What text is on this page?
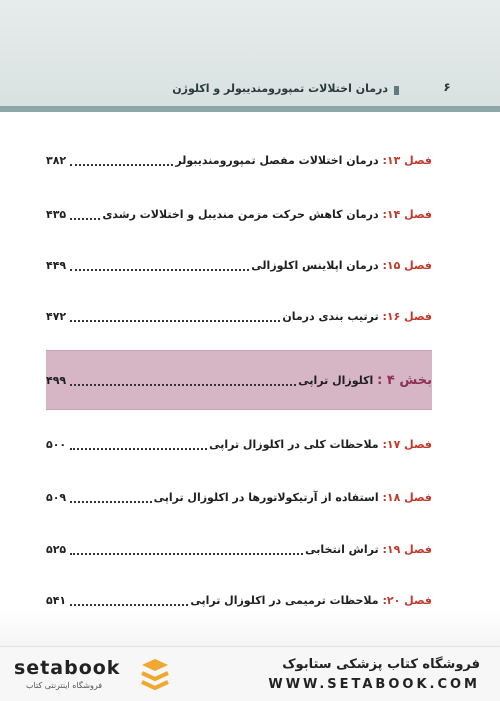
۶
درمان اختلالات تمپورومندیبولر و اکلوژن
۳۸۲	فصل ۱۳: درمان اختلالات مفصل تمپورومندیبولر
۴۳۵	فصل ۱۴: درمان کاهش حرکت مزمن مندیبل و اختلالات رشدی
۴۴۹	فصل ۱۵: درمان اپلاینس اکلوزالی
۴۷۲	فصل ۱۶: ترتیب بندی درمان
۴۹۹	بخش ۴ : اکلوزال تراپی
۵۰۰	فصل ۱۷: ملاحظات کلی در اکلوزال تراپی
۵۰۹	فصل ۱۸: استفاده از آرتیکولاتورها در اکلوزال تراپی
۵۲۵	فصل ۱۹: تراش انتخابی
۵۴۱	فصل ۲۰: ملاحظات ترمیمی در اکلوزال تراپی
setabook
فروشگاه اینترنتی کتاب
فروشگاه کتاب پزشکی ستابوک
WWW.SETABOOK.COM
